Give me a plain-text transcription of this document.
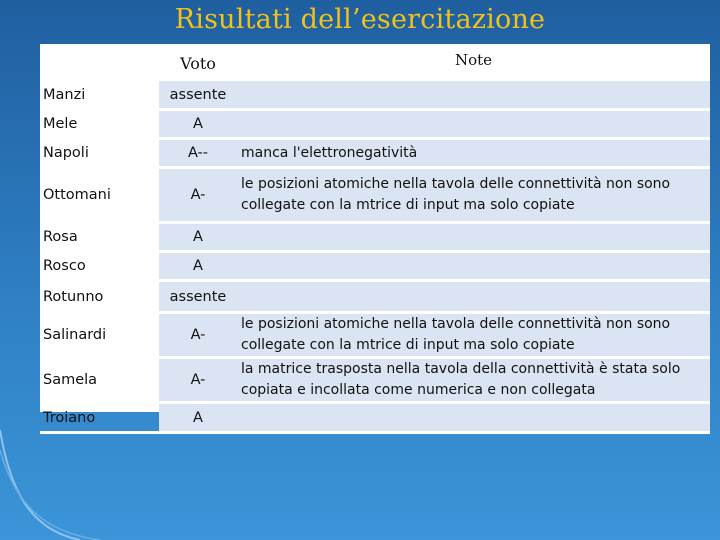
Risultati dell’esercitazione
	Voto	Note
Manzi	assente	
Mele	A	
Napoli	A--	manca l'elettronegatività

Ottomani	A-	le posizioni atomiche nella tavola delle connettività non sono
collegate con la mtrice di input ma solo copiate

Rosa	A	
Rosco	A	
Rotunno	assente	
Salinardi	A-	le posizioni atomiche nella tavola delle connettività non sono
collegate con la mtrice di input ma solo copiate

Samela	A-	la matrice trasposta nella tavola della connettività è stata solo
copiata e incollata come numerica e non collegata

Troiano	A	
